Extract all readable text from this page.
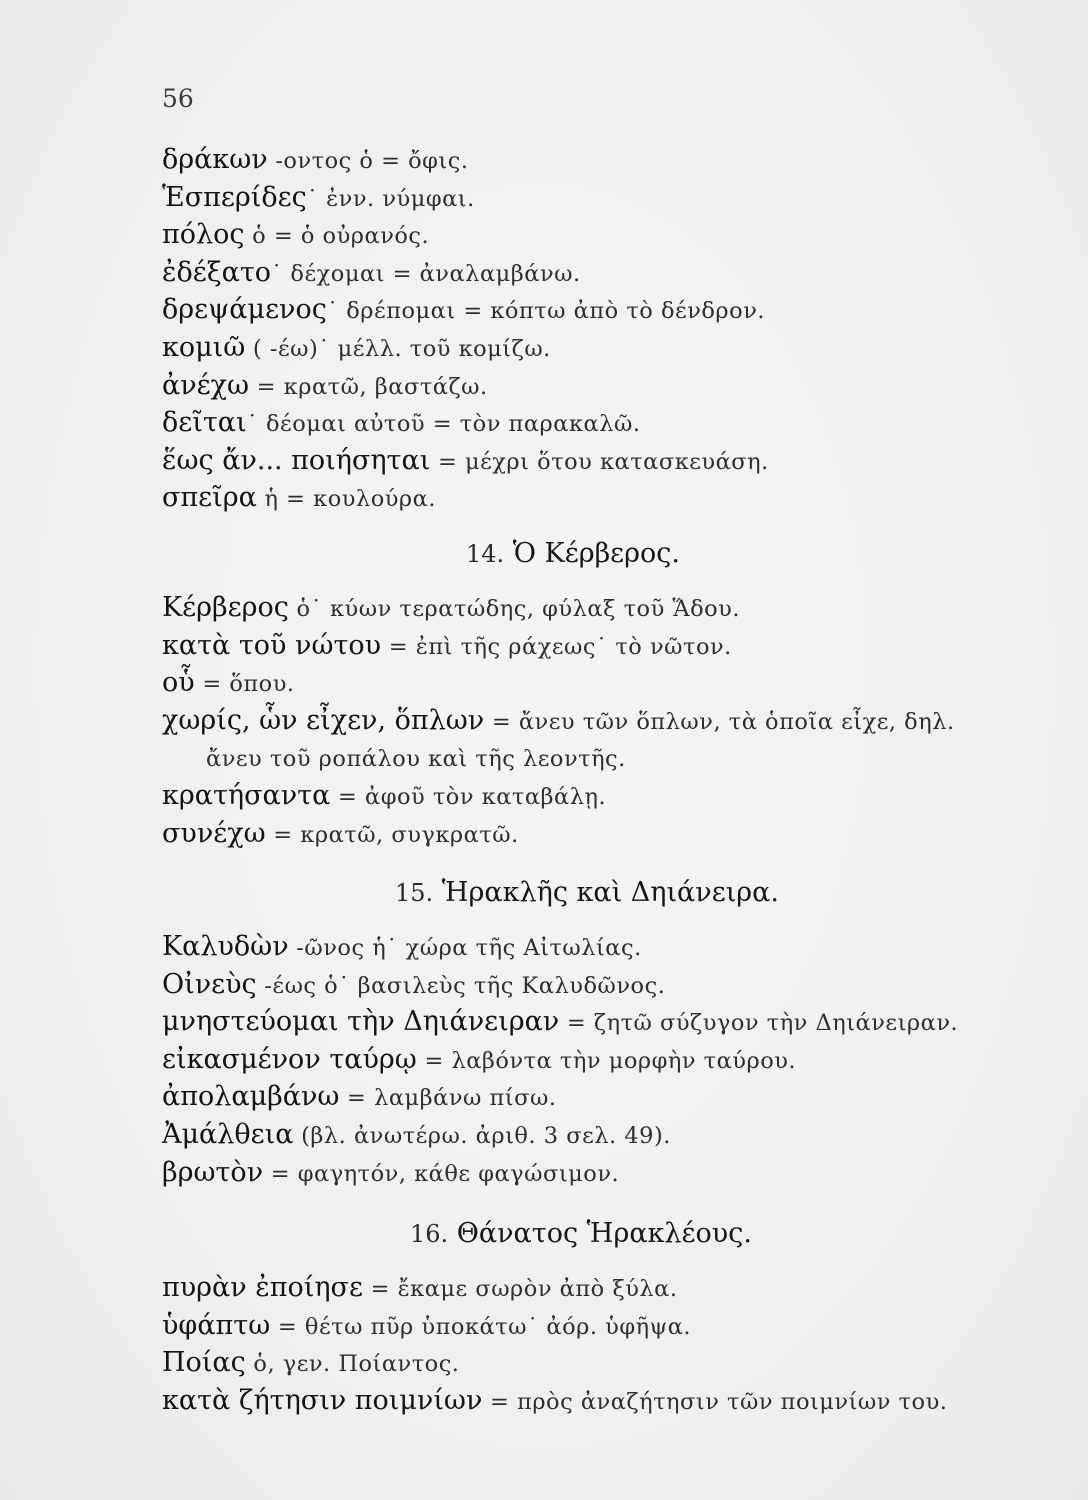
56
δράκων -οντος ὁ = ὄφις.
Ἑσπερίδες˙ ἐνν. νύμφαι.
πόλος ὁ = ὁ οὐρανός.
ἐδέξατο˙ δέχομαι = ἀναλαμβάνω.
δρεψάμενος˙ δρέπομαι = κόπτω ἀπὸ τὸ δένδρον.
κομιῶ ( -έω)˙ μέλλ. τοῦ κομίζω.
ἀνέχω = κρατῶ, βαστάζω.
δεῖται˙ δέομαι αὐτοῦ = τὸν παρακαλῶ.
ἕως ἄν... ποιήσηται = μέχρι ὅτου κατασκευάση.
σπεῖρα ἡ = κουλούρα.
14. Ὁ Κέρβερος.
Κέρβερος ὁ˙ κύων τερατώδης, φύλαξ τοῦ Ἅδου.
κατὰ τοῦ νώτου = ἐπὶ τῆς ράχεως˙ τὸ νῶτον.
οὗ = ὅπου.
χωρίς, ὧν εἶχεν, ὅπλων = ἄνευ τῶν ὅπλων, τὰ ὁποῖα εἶχε, δηλ.
ἄνευ τοῦ ροπάλου καὶ τῆς λεοντῆς.
κρατήσαντα = ἀφοῦ τὸν καταβάλῃ.
συνέχω = κρατῶ, συγκρατῶ.
15. Ἡρακλῆς καὶ Δηιάνειρα.
Καλυδὼν -ῶνος ἡ˙ χώρα τῆς Αἰτωλίας.
Οἰνεὺς -έως ὁ˙ βασιλεὺς τῆς Καλυδῶνος.
μνηστεύομαι τὴν Δηιάνειραν = ζητῶ σύζυγον τὴν Δηιάνειραν.
εἰκασμένον ταύρῳ = λαβόντα τὴν μορφὴν ταύρου.
ἀπολαμβάνω = λαμβάνω πίσω.
Ἀμάλθεια (βλ. ἀνωτέρω. ἀριθ. 3 σελ. 49).
βρωτὸν = φαγητόν, κάθε φαγώσιμον.
16. Θάνατος Ἡρακλέους.
πυρὰν ἐποίησε = ἔκαμε σωρὸν ἀπὸ ξύλα.
ὑφάπτω = θέτω πῦρ ὑποκάτω˙ ἀόρ. ὑφῆψα.
Ποίας ὁ, γεν. Ποίαντος.
κατὰ ζήτησιν ποιμνίων = πρὸς ἀναζήτησιν τῶν ποιμνίων του.
